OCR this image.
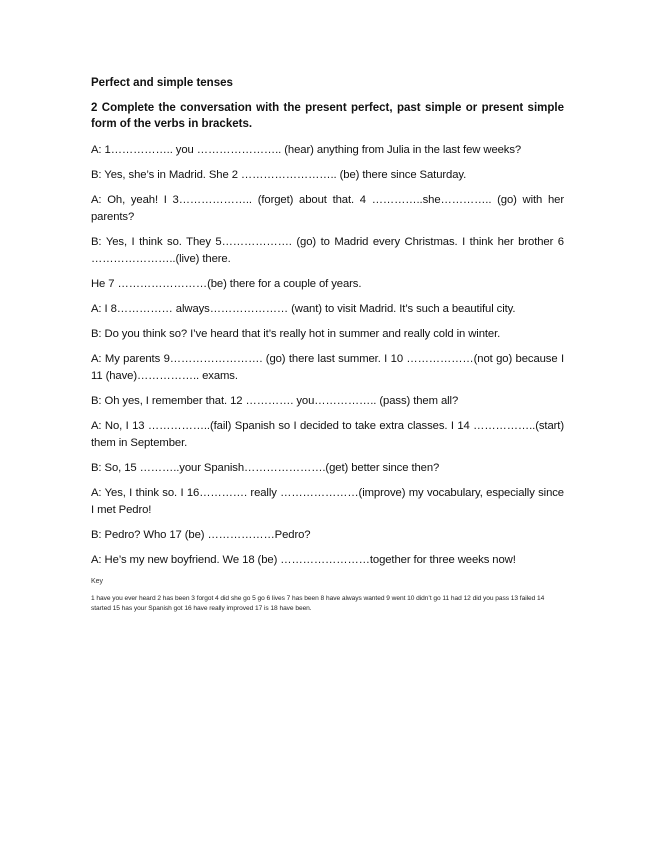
Perfect and simple tenses

2 Complete the conversation with the present perfect, past simple or present simple form of the verbs in brackets.

A: 1…………….. you ………………….. (hear) anything from Julia in the last few weeks?

B: Yes, she’s in Madrid. She 2 …………………….. (be) there since Saturday.

A: Oh, yeah! I 3……………….. (forget) about that. 4 …………..she………….. (go) with her parents?

B: Yes, I think so. They 5………………. (go) to Madrid every Christmas. I think her brother 6 …………………..(live) there.

He 7 ……………………(be) there for a couple of years.

A: I 8…………… always………………… (want) to visit Madrid. It’s such a beautiful city.

B: Do you think so? I’ve heard that it’s really hot in summer and really cold in winter.

A: My parents 9……………………. (go) there last summer. I 10 ………………(not go) because I 11 (have)…………….. exams.

B: Oh yes, I remember that. 12 …………. you…………….. (pass) them all?

A: No, I 13 ……………..(fail) Spanish so I decided to take extra classes. I 14 ……………..(start) them in September.

B: So, 15 ………..your Spanish………………….(get) better since then?

A: Yes, I think so. I 16…………. really …………………(improve) my vocabulary, especially since I met Pedro!

B: Pedro? Who 17 (be) ………………Pedro?

A: He’s my new boyfriend. We 18 (be) ……………………together for three weeks now!

Key

1 have you ever heard 2 has been 3 forgot 4 did she go 5 go 6 lives 7 has been 8 have always wanted 9 went 10 didn’t go 11 had 12 did you pass 13 failed 14 started 15 has your Spanish got 16 have really improved 17 is 18 have been.
